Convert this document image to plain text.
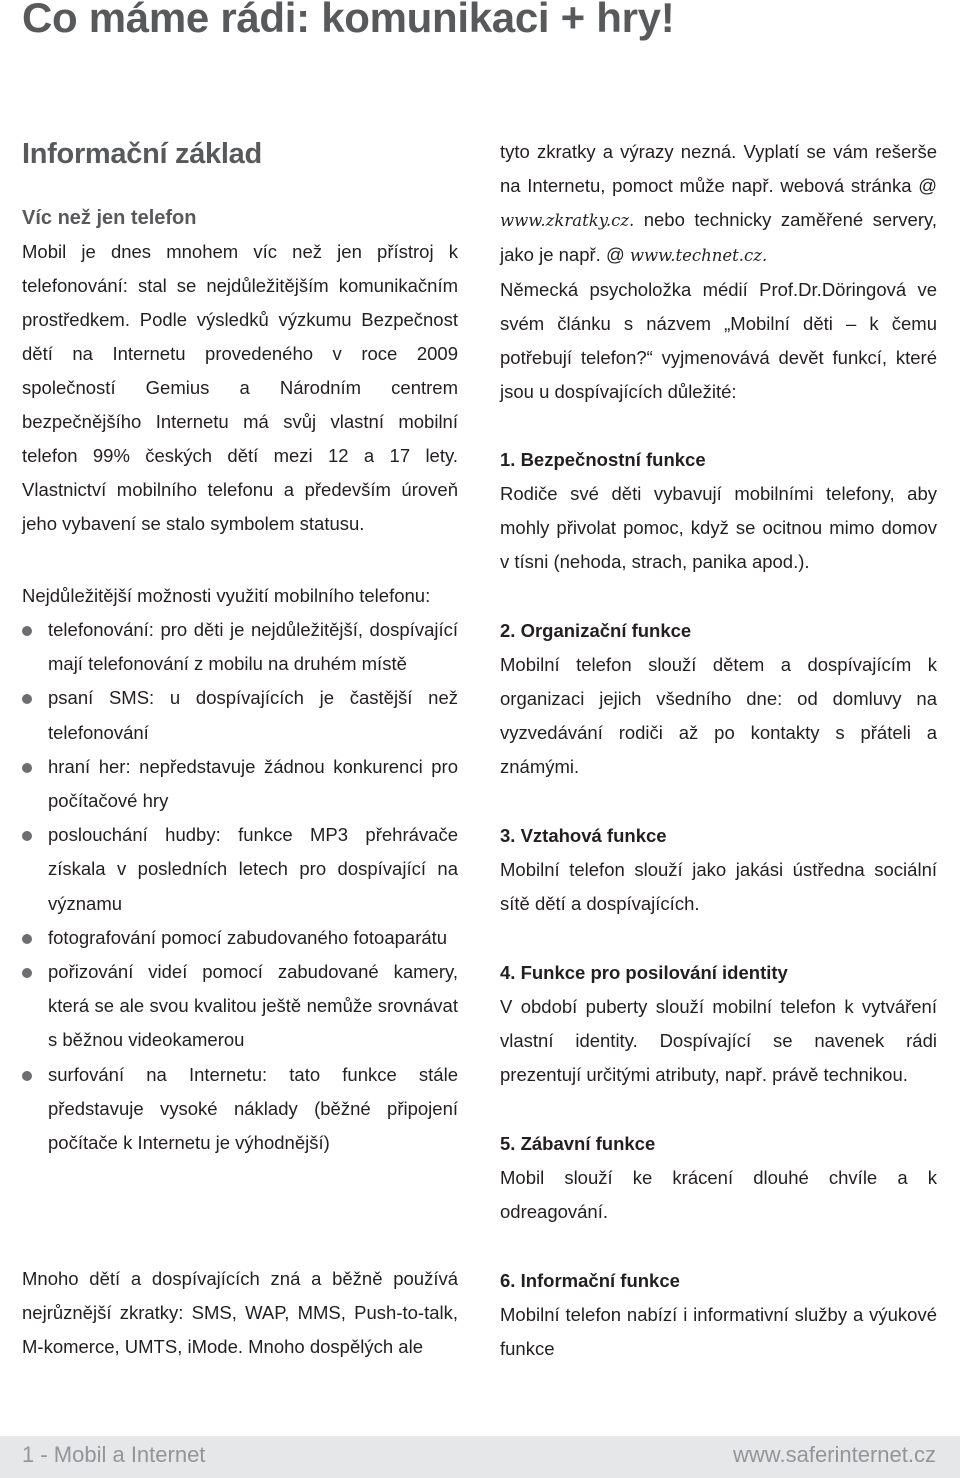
Co máme rádi: komunikaci + hry!
Informační základ
Víc než jen telefon

Mobil je dnes mnohem víc než jen přístroj k telefonování: stal se nejdůležitějším komunikačním prostředkem. Podle výsledků výzkumu Bezpečnost dětí na Internetu provedeného v roce 2009 společností Gemius a Národním centrem bezpečnějšího Internetu má svůj vlastní mobilní telefon 99% českých dětí mezi 12 a 17 lety. Vlastnictví mobilního telefonu a především úroveň jeho vybavení se stalo symbolem statusu.

Nejdůležitější možnosti využití mobilního telefonu:

telefonování: pro děti je nejdůležitější, dospívající mají telefonování z mobilu na druhém místě
psaní SMS: u dospívajících je častější než telefonování
hraní her: nepředstavuje žádnou konkurenci pro počítačové hry
poslouchání hudby: funkce MP3 přehrávače získala v posledních letech pro dospívající na významu
fotografování pomocí zabudovaného fotoaparátu
pořizování videí pomocí zabudované kamery, která se ale svou kvalitou ještě nemůže srovnávat s běžnou videokamerou
surfování na Internetu: tato funkce stále představuje vysoké náklady (běžné připojení počítače k Internetu je výhodnější)

Mnoho dětí a dospívajících zná a běžně používá nejrůznější zkratky: SMS, WAP, MMS, Push-to-talk, M-komerce, UMTS, iMode. Mnoho dospělých ale

tyto zkratky a výrazy nezná. Vyplatí se vám rešerše na Internetu, pomoct může např. webová stránka @ www.zkratky.cz. nebo technicky zaměřené servery, jako je např. @ www.technet.cz.

Německá psycholožka médií Prof.Dr.Döringová ve svém článku s názvem „Mobilní děti – k čemu potřebují telefon?“ vyjmenovává devět funkcí, které jsou u dospívajících důležité:

1. Bezpečnostní funkce

Rodiče své děti vybavují mobilními telefony, aby mohly přivolat pomoc, když se ocitnou mimo domov v tísni (nehoda, strach, panika apod.).

2. Organizační funkce

Mobilní telefon slouží dětem a dospívajícím k organizaci jejich všedního dne: od domluvy na vyzvedávání rodiči až po kontakty s přáteli a známými.

3. Vztahová funkce

Mobilní telefon slouží jako jakási ústředna sociální sítě dětí a dospívajících.

4. Funkce pro posilování identity

V období puberty slouží mobilní telefon k vytváření vlastní identity. Dospívající se navenek rádi prezentují určitými atributy, např. právě technikou.

5. Zábavní funkce

Mobil slouží ke krácení dlouhé chvíle a k odreagování.

6. Informační funkce

Mobilní telefon nabízí i informativní služby a výukové funkce

1 - Mobil a Internet	www.saferinternet.cz
